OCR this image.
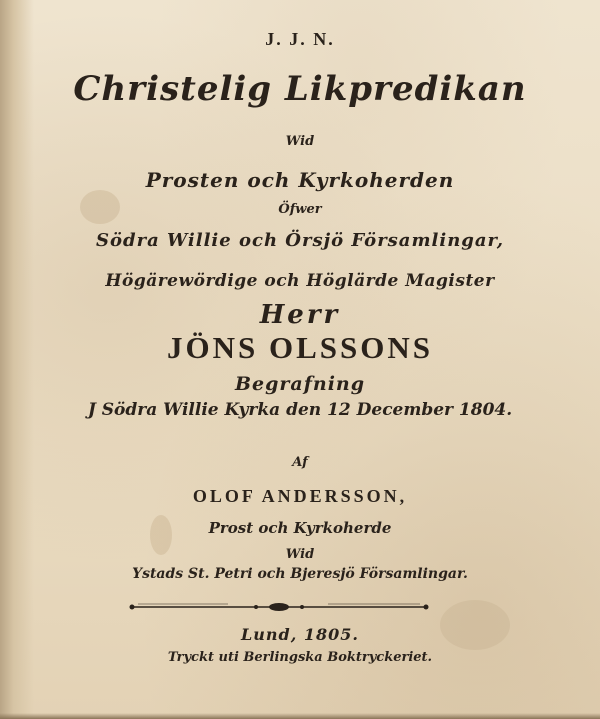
J. J. N.
Christelig Likpredikan
Wid
Prosten och Kyrkoherden
Öfwer
Södra Willie och Örsjö Församlingar,
Högärewördige och Höglärde Magister
Herr
JÖNS OLSSONS
Begrafning
J Södra Willie Kyrka den 12 December 1804.
Af
OLOF ANDERSSON,
Prost och Kyrkoherde
Wid
Ystads St. Petri och Bjeresjö Församlingar.
Lund, 1805.
Tryckt uti Berlingska Boktryckeriet.
